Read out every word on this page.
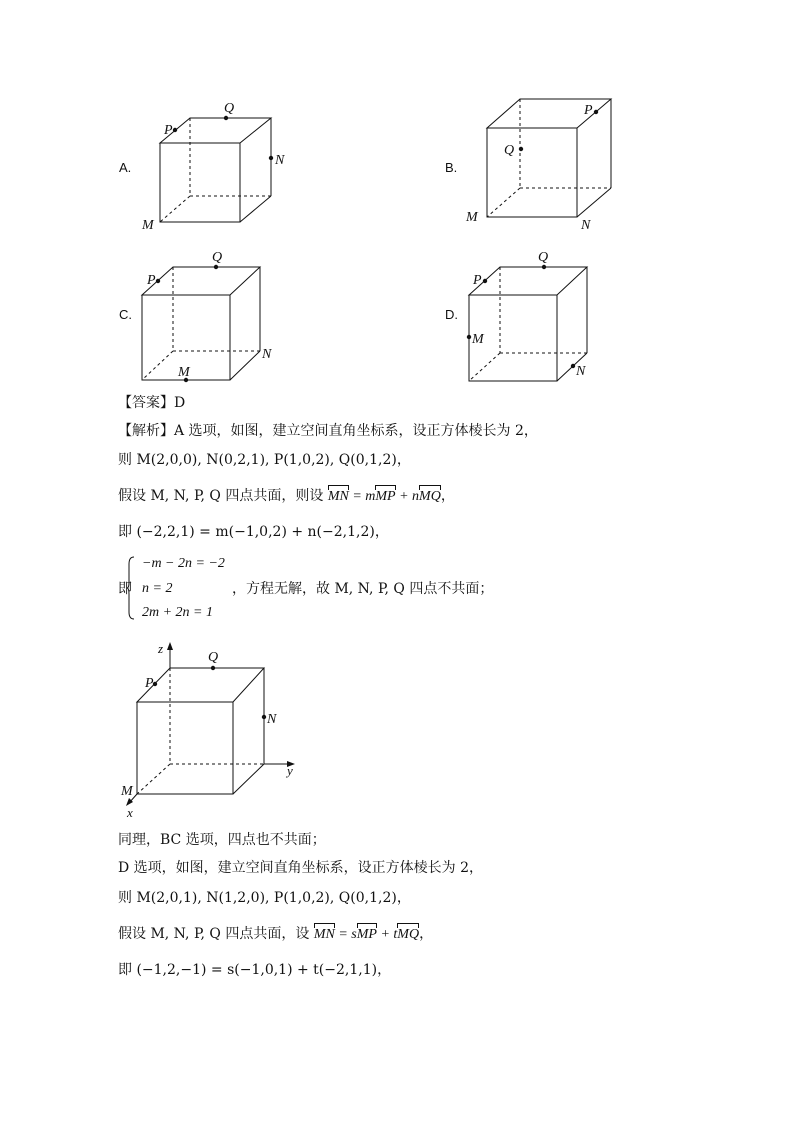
A.	B.
C.	D.
P
Q
N
M
P
Q
M
N
P
Q
N
M
P
Q
M
N
【答案】D
【解析】A 选项，如图，建立空间直角坐标系，设正方体棱长为 2，
则 M(2,0,0), N(0,2,1), P(1,0,2), Q(0,1,2)，
假设 M, N, P, Q 四点共面，则设 MN = mMP + nMQ，
即 (−2,2,1) = m(−1,0,2) + n(−2,1,2)，
即
−m − 2n = −2
n = 2
2m + 2n = 1
，方程无解，故 M, N, P, Q 四点不共面；
z
y
x
Q
P
N
M
同理，BC 选项，四点也不共面；
D 选项，如图，建立空间直角坐标系，设正方体棱长为 2，
则 M(2,0,1), N(1,2,0), P(1,0,2), Q(0,1,2)，
假设 M, N, P, Q 四点共面，设 MN = sMP + tMQ，
即 (−1,2,−1) = s(−1,0,1) + t(−2,1,1)，
